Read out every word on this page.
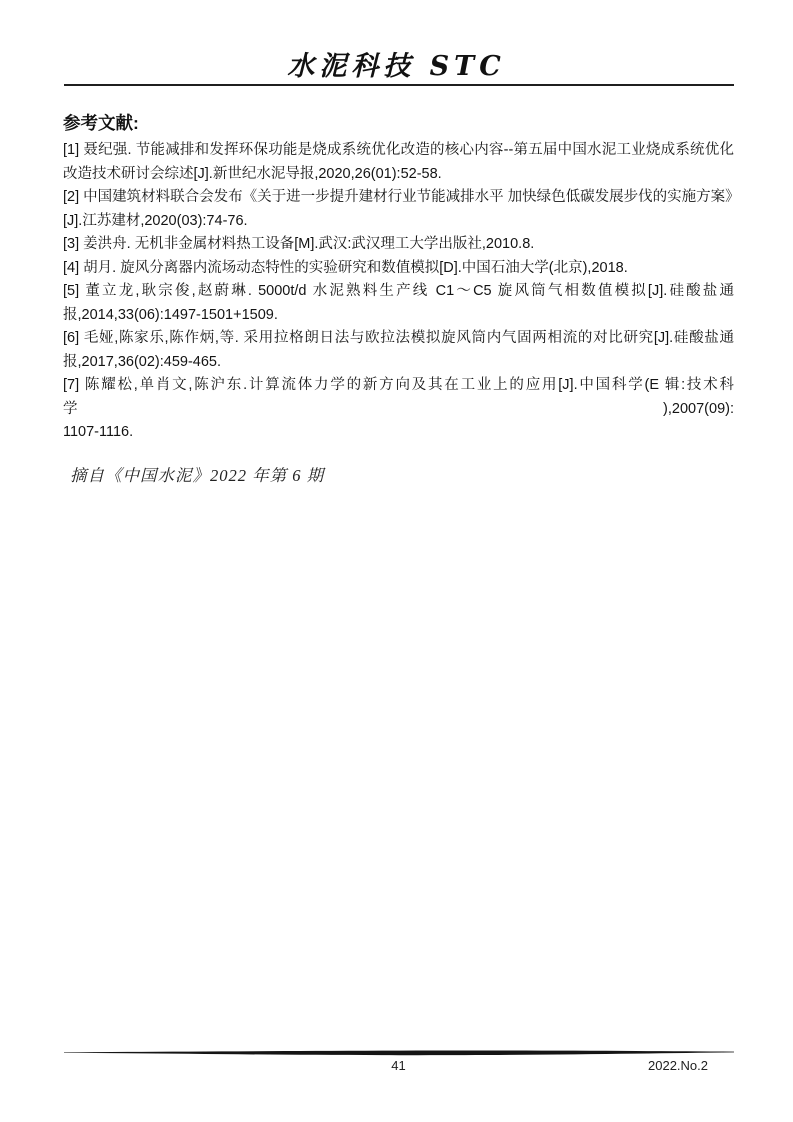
水泥科技 STC
参考文献:
[1] 聂纪强. 节能减排和发挥环保功能是烧成系统优化改造的核心内容--第五届中国水泥工业烧成系统优化
改造技术研讨会综述[J].新世纪水泥导报,2020,26(01):52-58.
[2] 中国建筑材料联合会发布《关于进一步提升建材行业节能减排水平 加快绿色低碳发展步伐的实施方案》
[J].江苏建材,2020(03):74-76.
[3] 姜洪舟. 无机非金属材料热工设备[M].武汉:武汉理工大学出版社,2010.8.
[4] 胡月. 旋风分离器内流场动态特性的实验研究和数值模拟[D].中国石油大学(北京),2018.
[5] 董立龙,耿宗俊,赵蔚琳. 5000t/d 水泥熟料生产线 C1～C5 旋风筒气相数值模拟[J].硅酸盐通
报,2014,33(06):1497-1501+1509.
[6] 毛娅,陈家乐,陈作炳,等. 采用拉格朗日法与欧拉法模拟旋风筒内气固两相流的对比研究[J].硅酸盐通
报,2017,36(02):459-465.
[7] 陈耀松,单肖文,陈沪东.计算流体力学的新方向及其在工业上的应用[J].中国科学(E 辑:技术科学),2007(09):
1107-1116.
摘自《中国水泥》2022 年第 6 期
41	2022.No.2
